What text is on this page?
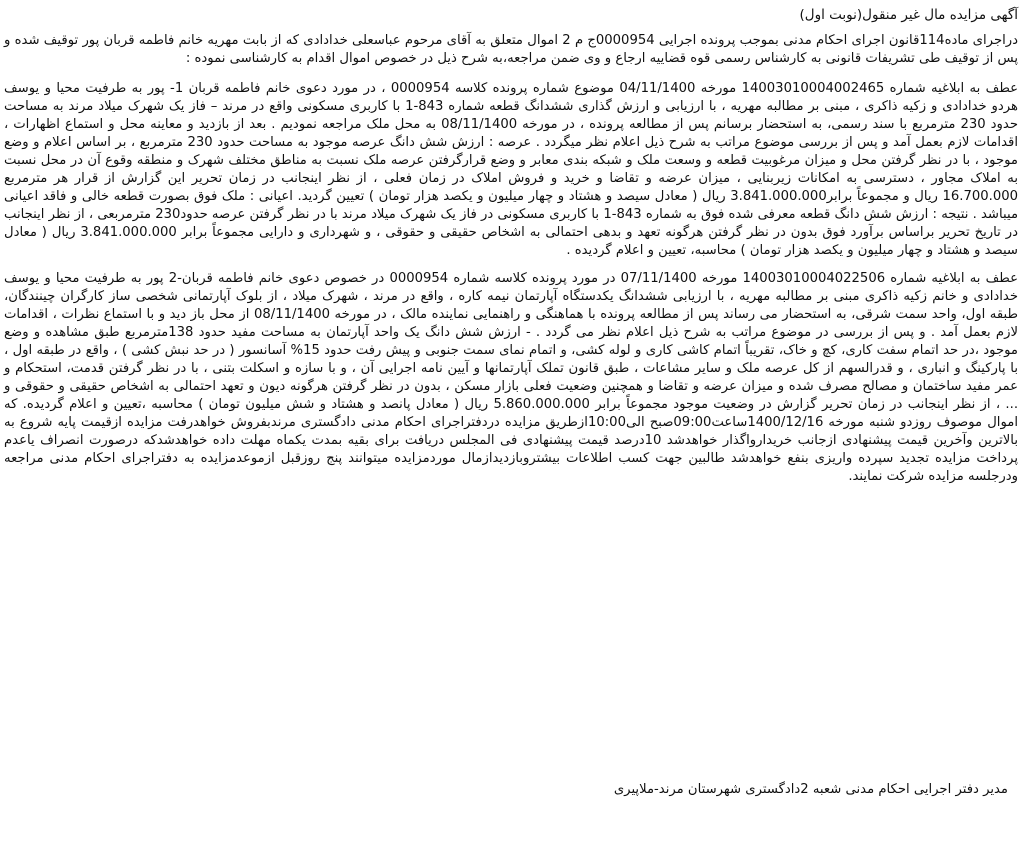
آگهی مزایده مال غیر منقول(نوبت اول)

دراجرای ماده114قانون اجرای احکام مدنی بموجب پرونده اجرایی 0000954ج م 2 اموال متعلق به آقای مرحوم عباسعلی خدادادی که از بابت مهریه خانم فاطمه قربان پور توقیف شده و پس از توقیف طی تشریفات قانونی به کارشناس رسمی قوه قضاییه ارجاع و وی ضمن مراجعه،به شرح ذیل در خصوص اموال اقدام به کارشناسی نموده :

عطف به ابلاغیه شماره 14003010004002465 مورخه 04/11/1400 موضوع شماره پرونده کلاسه 0000954 ، در مورد دعوی خانم فاطمه قربان 1- پور به طرفیت محیا و یوسف هردو خدادادی و زکیه ذاکری ، مبنی بر مطالبه مهریه ، با ارزیابی و ارزش گذاری ششدانگ قطعه شماره 843-1 با کاربری مسکونی واقع در مرند – فاز یک شهرک میلاد مرند به مساحت حدود 230 مترمربع با سند رسمی، به استحضار برسانم پس از مطالعه پرونده ، در مورخه 08/11/1400 به محل ملک مراجعه نمودیم . بعد از بازدید و معاینه محل و استماع اظهارات ، اقدامات لازم بعمل آمد و پس از بررسی موضوع مراتب به شرح ذیل اعلام نظر میگردد . عرصه : ارزش شش دانگ عرصه موجود به مساحت حدود 230 مترمربع ، بر اساس اعلام و وضع موجود ، با در نظر گرفتن محل و میزان مرغوبیت قطعه و وسعت ملک و شبکه بندی معابر و وضع قرارگرفتن عرصه ملک نسبت به مناطق مختلف شهرک و منطقه وقوع آن در محل نسبت به املاک مجاور ، دسترسی به امکانات زیربنایی ، میزان عرضه و تقاضا و خرید و فروش املاک در زمان فعلی ، از نظر اینجانب در زمان تحریر این گزارش از قرار هر مترمربع 16.700.000 ریال و مجموعاً برابر3.841.000.000 ریال ( معادل سیصد و هشتاد و چهار میلیون و یکصد هزار تومان ) تعیین گردید. اعیانی : ملک فوق بصورت قطعه خالی و فاقد اعیانی میباشد . نتیجه : ارزش شش دانگ قطعه معرفی شده فوق به شماره 843-1 با کاربری مسکونی در فاز یک شهرک میلاد مرند با در نظر گرفتن عرصه حدود230 مترمربعی ، از نظر اینجانب در تاریخ تحریر براساس برآورد فوق بدون در نظر گرفتن هرگونه تعهد و بدهی احتمالی به اشخاص حقیقی و حقوقی ، و شهرداری و دارایی مجموعاً برابر 3.841.000.000 ریال ( معادل سیصد و هشتاد و چهار میلیون و یکصد هزار تومان ) محاسبه، تعیین و اعلام گردیده .

عطف به ابلاغیه شماره 14003010004022506 مورخه 07/11/1400 در مورد پرونده کلاسه شماره 0000954 در خصوص دعوی خانم فاطمه قربان-2 پور به طرفیت محیا و یوسف خدادادی و خانم زکیه ذاکری مبنی بر مطالبه مهریه ، با ارزیابی ششدانگ یکدستگاه آپارتمان نیمه کاره ، واقع در مرند ، شهرک میلاد ، از بلوک آپارتمانی شخصی ساز کارگران چینندگان، طبقه اول، واحد سمت شرقی، به استحضار می رساند پس از مطالعه پرونده با هماهنگی و راهنمایی نماینده مالک ، در مورخه 08/11/1400 از محل باز دید و با استماع نظرات ، اقدامات لازم بعمل آمد . و پس از بررسی در موضوع مراتب به شرح ذیل اعلام نظر می گردد . - ارزش شش دانگ یک واحد آپارتمان به مساحت مفید حدود 138مترمربع طبق مشاهده و وضع موجود ،در حد اتمام سفت کاری، کچ و خاک، تقریباً اتمام کاشی کاری و لوله کشی، و اتمام نمای سمت جنوبی و پیش رفت حدود 15% آسانسور ( در حد نبش کشی ) ، واقع در طبقه اول ، با پارکینگ و انباری ، و قدرالسهم از کل عرصه ملک و سایر مشاعات ، طبق قانون تملک آپارتمانها و آیین نامه اجرایی آن ، و با سازه و اسکلت بتنی ، با در نظر گرفتن قدمت، استحکام و عمر مفید ساختمان و مصالح مصرف شده و میزان عرضه و تقاضا و همچنین وضعیت فعلی بازار مسکن ، بدون در نظر گرفتن هرگونه دیون و تعهد احتمالی به اشخاص حقیقی و حقوقی و ... ، از نظر اینجانب در زمان تحریر گزارش در وضعیت موجود مجموعاً برابر 5.860.000.000 ریال ( معادل پانصد و هشتاد و شش میلیون تومان ) محاسبه ،تعیین و اعلام گردیده. که اموال موصوف روزدو شنبه مورخه 1400/12/16ساعت09:00صبح الی10:00ازطریق مزایده دردفتراجرای احکام مدنی دادگستری مرندبفروش خواهدرفت مزایده ازقیمت پایه شروع به بالاترین وآخرین قیمت پیشنهادی ازجانب خریدارواگذار خواهدشد 10درصد قیمت پیشنهادی فی المجلس دریافت برای بقیه بمدت یکماه مهلت داده خواهدشدکه درصورت انصراف یاعدم پرداخت مزایده تجدید سپرده واریزی بنفع خواهدشد طالبین جهت کسب اطلاعات بیشتروبازدیدازمال موردمزایده میتوانند پنج روزقبل ازموعدمزایده به دفتراجرای احکام مدنی مراجعه ودرجلسه مزایده شرکت نمایند.

مدیر دفتر اجرایی احکام مدنی شعبه 2دادگستری شهرستان مرند-ملاپیری
